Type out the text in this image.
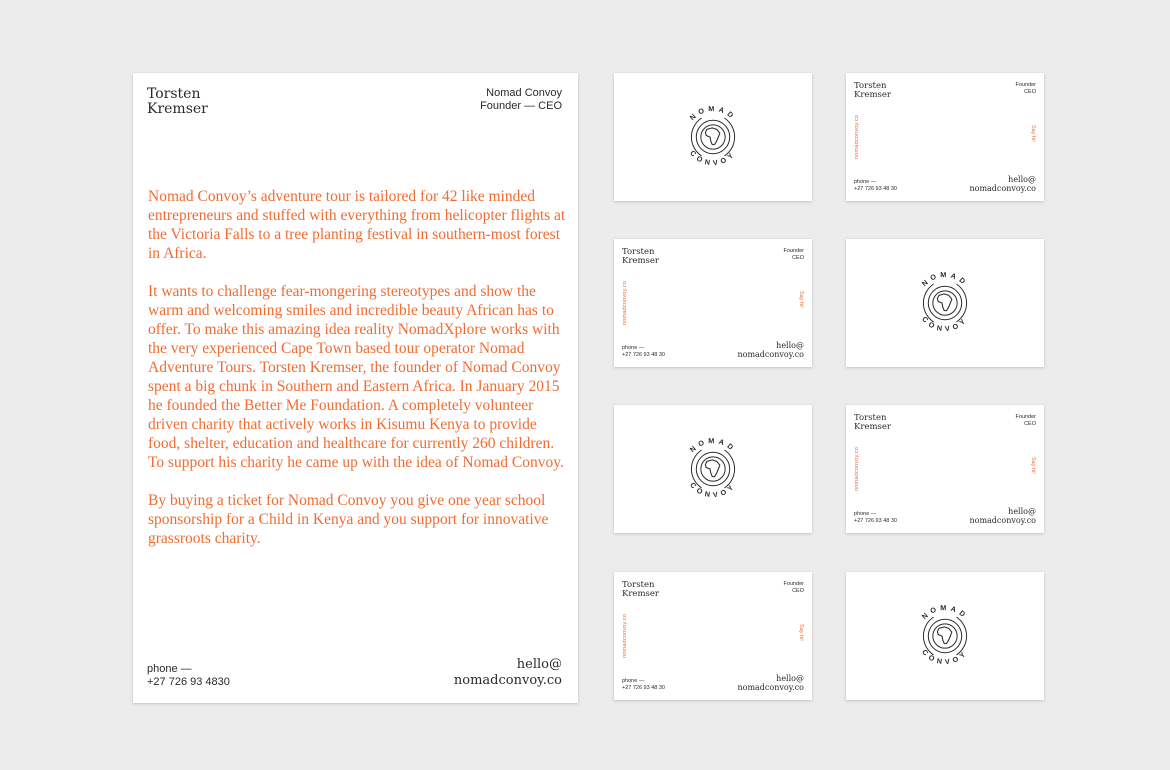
Torsten
Kremser
Nomad Convoy
Founder — CEO

Nomad Convoy’s adventure tour is tailored for 42 like minded entrepreneurs and stuffed with everything from helicopter flights at the Victoria Falls to a tree planting festival in southern-most forest in Africa.

It wants to challenge fear-mongering stereotypes and show the warm and welcoming smiles and incredible beauty African has to offer. To make this amazing idea reality NomadXplore works with the very experienced Cape Town based tour operator Nomad Adventure Tours. Torsten Kremser, the founder of Nomad Convoy spent a big chunk in Southern and Eastern Africa. In January 2015 he founded the Better Me Foundation. A completely volunteer driven charity that actively works in Kisumu Kenya to provide food, shelter, education and healthcare for currently 260 children. To support his charity he came up with the idea of Nomad Convoy.

By buying a ticket for Nomad Convoy you give one year school sponsorship for a Child in Kenya and you support for innovative grassroots charity.

phone —
+27 726 93 4830
hello@
nomadconvoy.co
NOMAD
CONVOY
NOMAD
CONVOY
NOMAD
CONVOY
NOMAD
CONVOY
Torsten
Kremser
Founder
CEO
nomadconvoy.co	Say hi!
phone —
+27 726 93 48 30
hello@
nomadconvoy.co
Torsten
Kremser
Founder
CEO
nomadconvoy.co	Say hi!
phone —
+27 726 93 48 30
hello@
nomadconvoy.co
Torsten
Kremser
Founder
CEO
nomadconvoy.co	Say hi!
phone —
+27 726 93 48 30
hello@
nomadconvoy.co
Torsten
Kremser
Founder
CEO
nomadconvoy.co	Say hi!
phone —
+27 726 93 48 30
hello@
nomadconvoy.co
